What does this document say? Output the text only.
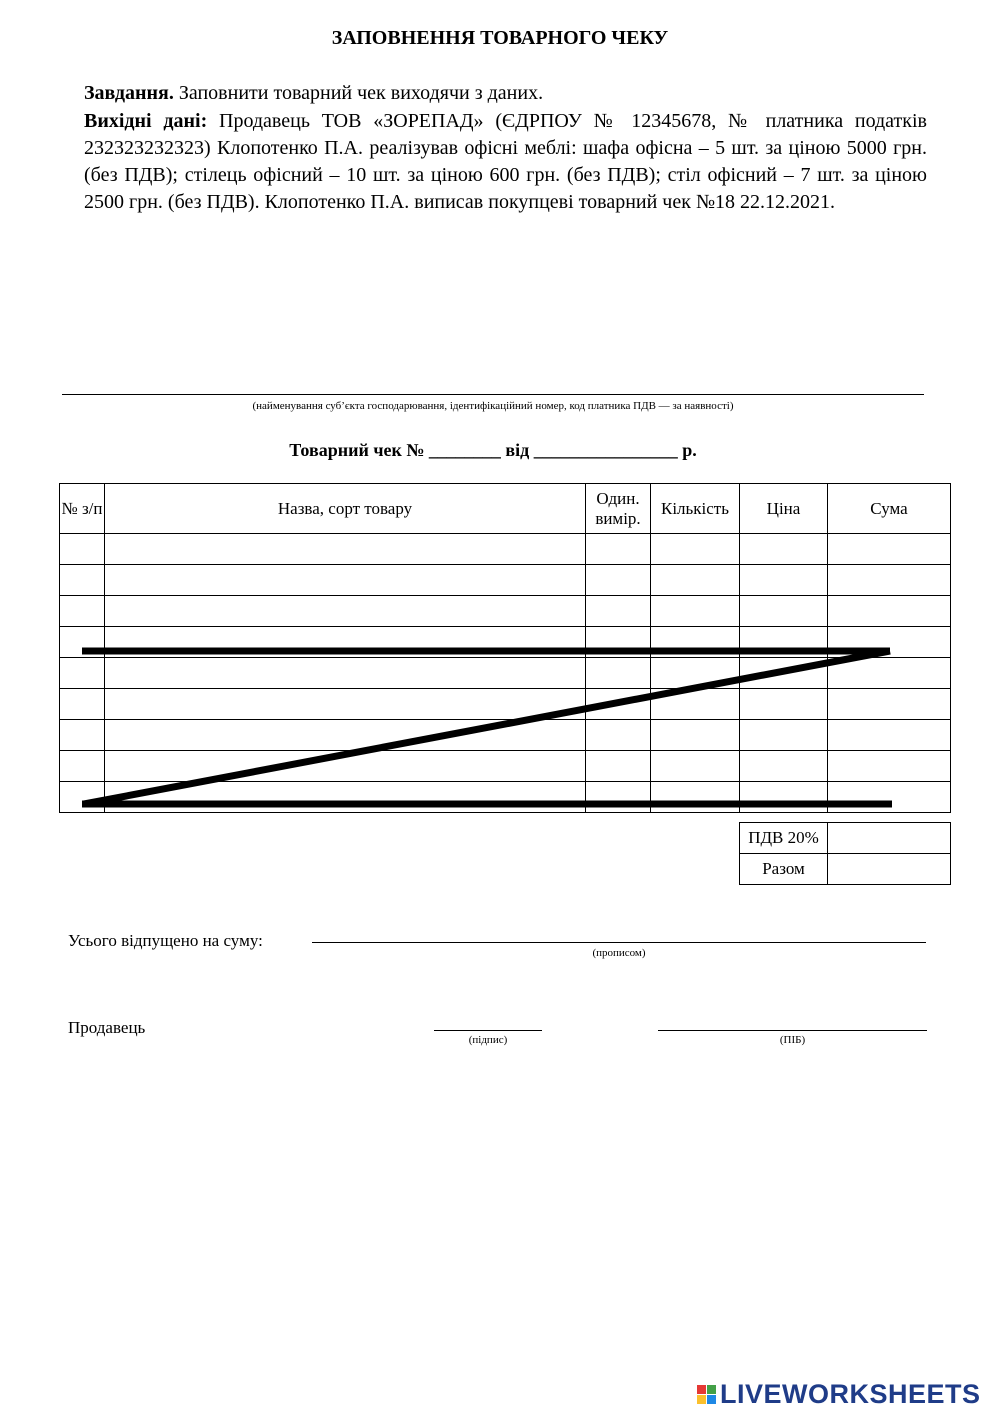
ЗАПОВНЕННЯ ТОВАРНОГО ЧЕКУ
Завдання. Заповнити товарний чек виходячи з даних.

Вихідні дані: Продавець ТОВ «ЗОРЕПАД» (ЄДРПОУ № 12345678, № платника податків 232323232323) Клопотенко П.А. реалізував офісні меблі: шафа офісна – 5 шт. за ціною 5000 грн. (без ПДВ); стілець офісний – 10 шт. за ціною 600 грн. (без ПДВ); стіл офісний – 7 шт. за ціною 2500 грн. (без ПДВ). Клопотенко П.А. виписав покупцеві товарний чек №18 22.12.2021.

(найменування суб’єкта господарювання, ідентифікаційний номер, код платника ПДВ — за наявності)
Товарний чек № ________ від ________________ р.
№ з/п	Назва, сорт товару	Один. вимір.	Кількість	Ціна	Сума

ПДВ 20%	
Разом	
Усього відпущено на суму:
(прописом)
Продавець
(підпис)	(ПІБ)
LIVEWORKSHEETS
